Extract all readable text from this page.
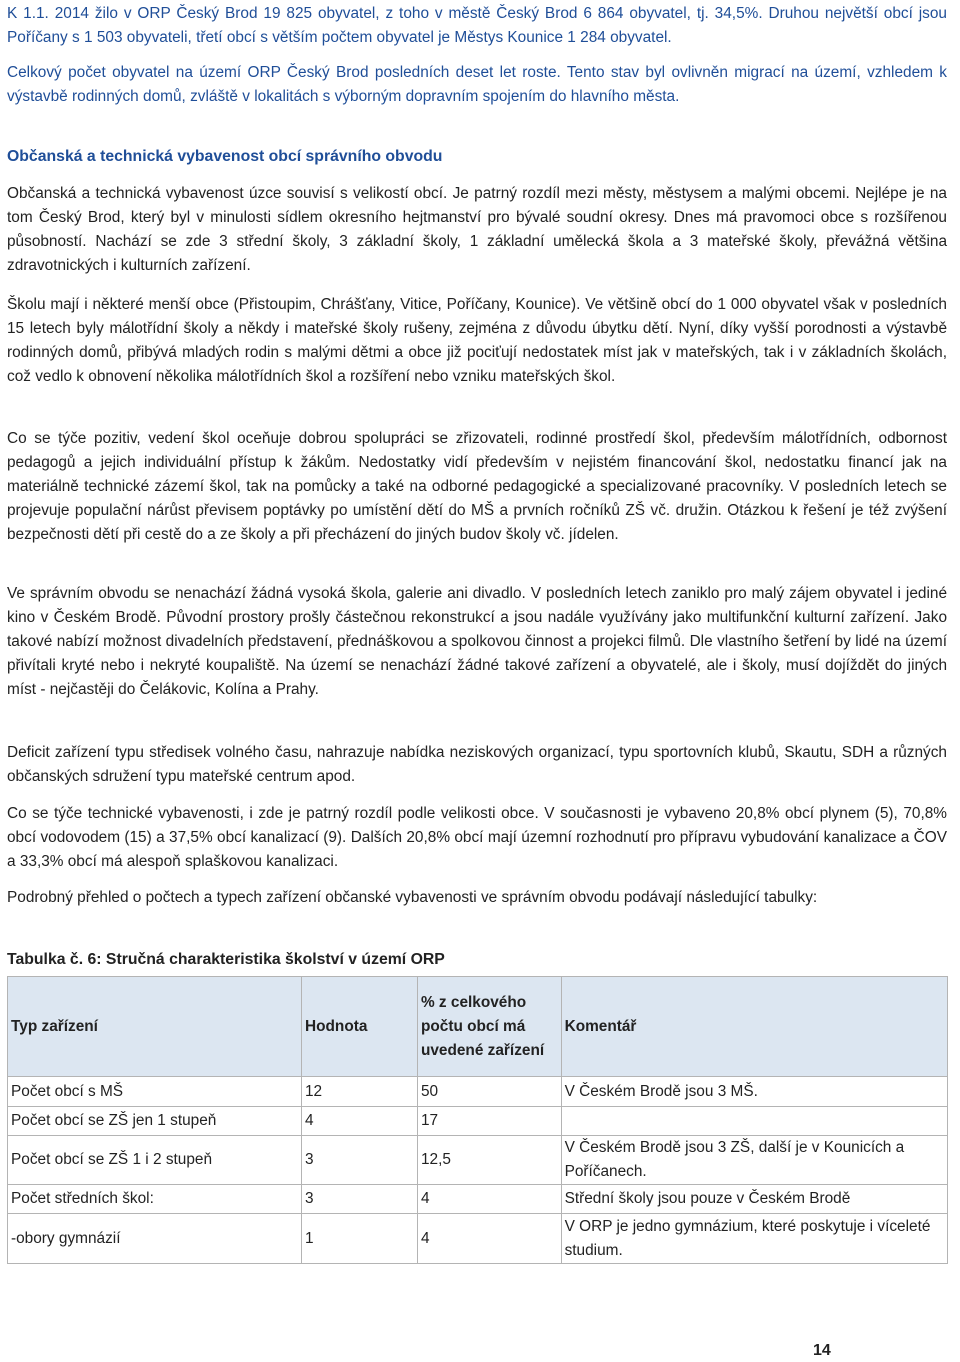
K 1.1. 2014 žilo v ORP Český Brod 19 825 obyvatel, z toho v městě Český Brod 6 864 obyvatel, tj. 34,5%. Druhou největší obcí jsou Poříčany s 1 503 obyvateli, třetí obcí s větším počtem obyvatel je Městys Kounice 1 284 obyvatel.

Celkový počet obyvatel na území ORP Český Brod posledních deset let roste. Tento stav byl ovlivněn migrací na území, vzhledem k výstavbě rodinných domů, zvláště v lokalitách s výborným dopravním spojením do hlavního města.

Občanská a technická vybavenost obcí správního obvodu

Občanská a technická vybavenost úzce souvisí s velikostí obcí. Je patrný rozdíl mezi městy, městysem a malými obcemi. Nejlépe je na tom Český Brod, který byl v minulosti sídlem okresního hejtmanství pro bývalé soudní okresy. Dnes má pravomoci obce s rozšířenou působností. Nachází se zde 3 střední školy, 3 základní školy, 1 základní umělecká škola a 3 mateřské školy, převážná většina zdravotnických i kulturních zařízení.

Školu mají i některé menší obce (Přistoupim, Chrášťany, Vitice, Poříčany, Kounice). Ve většině obcí do 1 000 obyvatel však v posledních 15 letech byly málotřídní školy a někdy i mateřské školy rušeny, zejména z důvodu úbytku dětí. Nyní, díky vyšší porodnosti a výstavbě rodinných domů, přibývá mladých rodin s malými dětmi a obce již pociťují nedostatek míst jak v mateřských, tak i v základních školách, což vedlo k obnovení několika málotřídních škol a rozšíření nebo vzniku mateřských škol.

Co se týče pozitiv, vedení škol oceňuje dobrou spolupráci se zřizovateli, rodinné prostředí škol, především málotřídních, odbornost pedagogů a jejich individuální přístup k žákům. Nedostatky vidí především v nejistém financování škol, nedostatku financí jak na materiálně technické zázemí škol, tak na pomůcky a také na odborné pedagogické a specializované pracovníky. V posledních letech se projevuje populační nárůst převisem poptávky po umístění dětí do MŠ a prvních ročníků ZŠ vč. družin. Otázkou k řešení je též zvýšení bezpečnosti dětí při cestě do a ze školy a při přecházení do jiných budov školy vč. jídelen.

Ve správním obvodu se nenachází žádná vysoká škola, galerie ani divadlo. V posledních letech zaniklo pro malý zájem obyvatel i jediné kino v Českém Brodě. Původní prostory prošly částečnou rekonstrukcí a jsou nadále využívány jako multifunkční kulturní zařízení. Jako takové nabízí možnost divadelních představení, přednáškovou a spolkovou činnost a projekci filmů. Dle vlastního šetření by lidé na území přivítali kryté nebo i nekryté koupaliště. Na území se nenachází žádné takové zařízení a obyvatelé, ale i školy, musí dojíždět do jiných míst - nejčastěji do Čelákovic, Kolína a Prahy.

Deficit zařízení typu středisek volného času, nahrazuje nabídka neziskových organizací, typu sportovních klubů, Skautu, SDH a různých občanských sdružení typu mateřské centrum apod.

Co se týče technické vybavenosti, i zde je patrný rozdíl podle velikosti obce. V současnosti je vybaveno 20,8% obcí plynem (5), 70,8% obcí vodovodem (15) a 37,5% obcí kanalizací (9). Dalších 20,8% obcí mají územní rozhodnutí pro přípravu vybudování kanalizace a ČOV a 33,3% obcí má alespoň splaškovou kanalizaci.

Podrobný přehled o počtech a typech zařízení občanské vybavenosti ve správním obvodu podávají následující tabulky:

Tabulka č. 6: Stručná charakteristika školství v území ORP
Typ zařízení	Hodnota	% z celkového počtu obcí má uvedené zařízení	Komentář
Počet obcí s MŠ	12	50	V Českém Brodě jsou 3 MŠ.
Počet obcí se ZŠ jen 1 stupeň	4	17	
Počet obcí se ZŠ 1 i 2 stupeň	3	12,5	V Českém Brodě jsou 3 ZŠ, další je v Kounicích a Poříčanech.
Počet středních škol:	3	4	Střední školy jsou pouze v Českém Brodě
-obory gymnázií	1	4	V ORP je jedno gymnázium, které poskytuje i víceleté studium.
14
